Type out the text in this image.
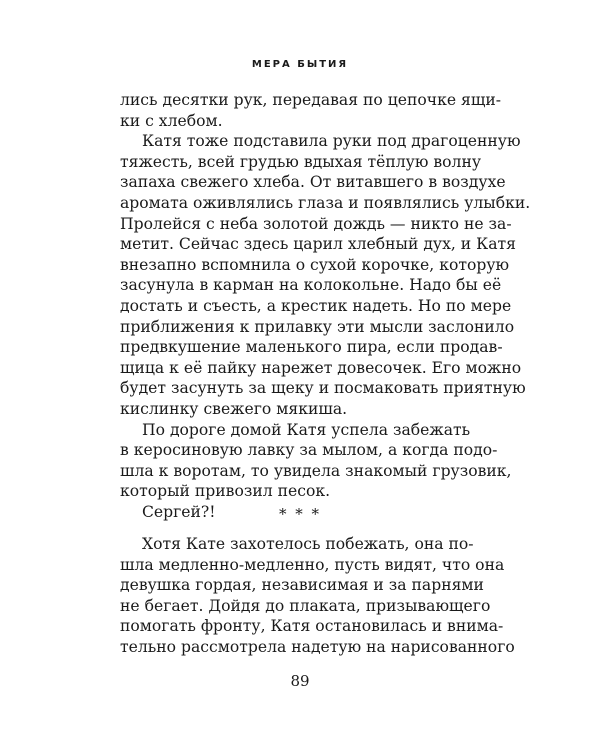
МЕРА БЫТИЯ
лись десятки рук, передавая по цепочке ящи-
ки с хлебом.
Катя тоже подставила руки под драгоценную
тяжесть, всей грудью вдыхая тёплую волну
запаха свежего хлеба. От витавшего в воздухе
аромата оживлялись глаза и появлялись улыбки.
Пролейся с неба золотой дождь — никто не за-
метит. Сейчас здесь царил хлебный дух, и Катя
внезапно вспомнила о сухой корочке, которую
засунула в карман на колокольне. Надо бы её
достать и съесть, а крестик надеть. Но по мере
приближения к прилавку эти мысли заслонило
предвкушение маленького пира, если продав-
щица к её пайку нарежет довесочек. Его можно
будет засунуть за щеку и посмаковать приятную
кислинку свежего мякиша.
По дороге домой Катя успела забежать
в керосиновую лавку за мылом, а когда подо-
шла к воротам, то увидела знакомый грузовик,
который привозил песок.
Сергей?!	* * *
Хотя Кате захотелось побежать, она по-
шла медленно-медленно, пусть видят, что она
девушка гордая, независимая и за парнями
не бегает. Дойдя до плаката, призывающего
помогать фронту, Катя остановилась и внима-
тельно рассмотрела надетую на нарисованного
89
